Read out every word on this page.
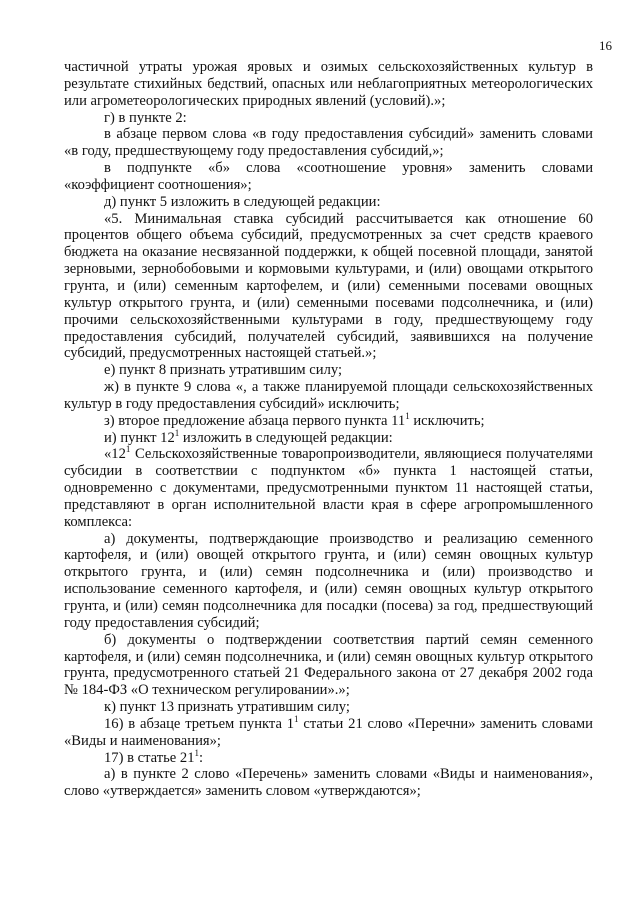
16

частичной утраты урожая яровых и озимых сельскохозяйственных культур в результате стихийных бедствий, опасных или неблагоприятных метеорологических или агрометеорологических природных явлений (условий).»;

г) в пункте 2:

в абзаце первом слова «в году предоставления субсидий» заменить словами «в году, предшествующему году предоставления субсидий,»;

в подпункте «б» слова «соотношение уровня» заменить словами «коэффициент соотношения»;

д) пункт 5 изложить в следующей редакции:

«5. Минимальная ставка субсидий рассчитывается как отношение 60 процентов общего объема субсидий, предусмотренных за счет средств краевого бюджета на оказание несвязанной поддержки, к общей посевной площади, занятой зерновыми, зернобобовыми и кормовыми культурами, и (или) овощами открытого грунта, и (или) семенным картофелем, и (или) семенными посевами овощных культур открытого грунта, и (или) семенными посевами подсолнечника, и (или) прочими сельскохозяйственными культурами в году, предшествующему году предоставления субсидий, получателей субсидий, заявившихся на получение субсидий, предусмотренных настоящей статьей.»;

е) пункт 8 признать утратившим силу;

ж) в пункте 9 слова «, а также планируемой площади сельскохозяйственных культур в году предоставления субсидий» исключить;

з) второе предложение абзаца первого пункта $11^1$ исключить;

и) пункт $12^1$ изложить в следующей редакции:

«$12^1$ Сельскохозяйственные товаропроизводители, являющиеся получателями субсидии в соответствии с подпунктом «б» пункта 1 настоящей статьи, одновременно с документами, предусмотренными пунктом 11 настоящей статьи, представляют в орган исполнительной власти края в сфере агропромышленного комплекса:

а) документы, подтверждающие производство и реализацию семенного картофеля, и (или) овощей открытого грунта, и (или) семян овощных культур открытого грунта, и (или) семян подсолнечника и (или) производство и использование семенного картофеля, и (или) семян овощных культур открытого грунта, и (или) семян подсолнечника для посадки (посева) за год, предшествующий году предоставления субсидий;

б) документы о подтверждении соответствия партий семян семенного картофеля, и (или) семян подсолнечника, и (или) семян овощных культур открытого грунта, предусмотренного статьей 21 Федерального закона от 27 декабря 2002 года № 184-ФЗ «О техническом регулировании».»;

к) пункт 13 признать утратившим силу;

16) в абзаце третьем пункта $1^1$ статьи 21 слово «Перечни» заменить словами «Виды и наименования»;

17) в статье $21^1$:

а) в пункте 2 слово «Перечень» заменить словами «Виды и наименования», слово «утверждается» заменить словом «утверждаются»;
